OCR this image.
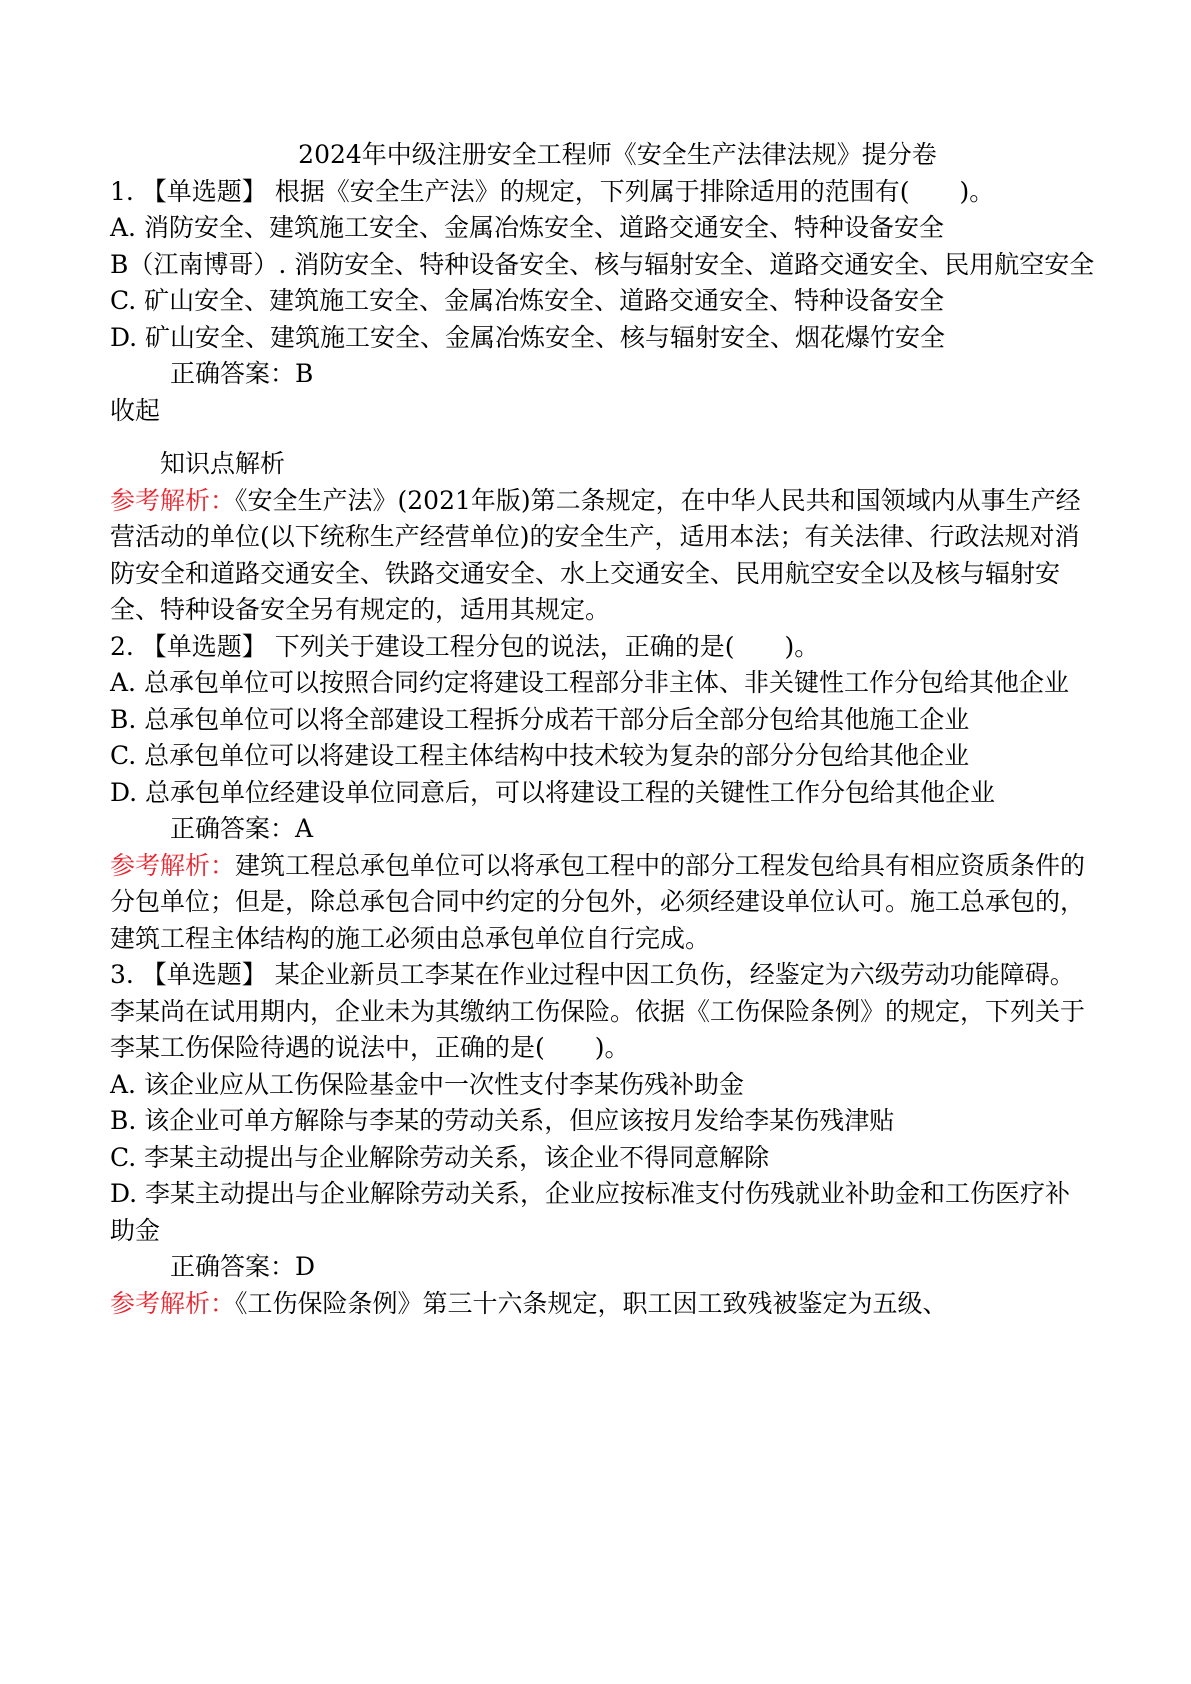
2024年中级注册安全工程师《安全生产法律法规》提分卷
1. 【单选题】 根据《安全生产法》的规定，下列属于排除适用的范围有(　　)。
A. 消防安全、建筑施工安全、金属冶炼安全、道路交通安全、特种设备安全
B（江南博哥）. 消防安全、特种设备安全、核与辐射安全、道路交通安全、民用航空安全
C. 矿山安全、建筑施工安全、金属冶炼安全、道路交通安全、特种设备安全
D. 矿山安全、建筑施工安全、金属冶炼安全、核与辐射安全、烟花爆竹安全
正确答案：B
收起
知识点解析
参考解析：《安全生产法》(2021年版)第二条规定，在中华人民共和国领域内从事生产经营活动的单位(以下统称生产经营单位)的安全生产，适用本法；有关法律、行政法规对消防安全和道路交通安全、铁路交通安全、水上交通安全、民用航空安全以及核与辐射安全、特种设备安全另有规定的，适用其规定。
2. 【单选题】 下列关于建设工程分包的说法，正确的是(　　)。
A. 总承包单位可以按照合同约定将建设工程部分非主体、非关键性工作分包给其他企业
B. 总承包单位可以将全部建设工程拆分成若干部分后全部分包给其他施工企业
C. 总承包单位可以将建设工程主体结构中技术较为复杂的部分分包给其他企业
D. 总承包单位经建设单位同意后，可以将建设工程的关键性工作分包给其他企业
正确答案：A
参考解析：建筑工程总承包单位可以将承包工程中的部分工程发包给具有相应资质条件的分包单位；但是，除总承包合同中约定的分包外，必须经建设单位认可。施工总承包的，建筑工程主体结构的施工必须由总承包单位自行完成。
3. 【单选题】 某企业新员工李某在作业过程中因工负伤，经鉴定为六级劳动功能障碍。李某尚在试用期内，企业未为其缴纳工伤保险。依据《工伤保险条例》的规定，下列关于李某工伤保险待遇的说法中，正确的是(　　)。
A. 该企业应从工伤保险基金中一次性支付李某伤残补助金
B. 该企业可单方解除与李某的劳动关系，但应该按月发给李某伤残津贴
C. 李某主动提出与企业解除劳动关系，该企业不得同意解除
D. 李某主动提出与企业解除劳动关系，企业应按标准支付伤残就业补助金和工伤医疗补助金
正确答案：D
参考解析：《工伤保险条例》第三十六条规定，职工因工致残被鉴定为五级、
